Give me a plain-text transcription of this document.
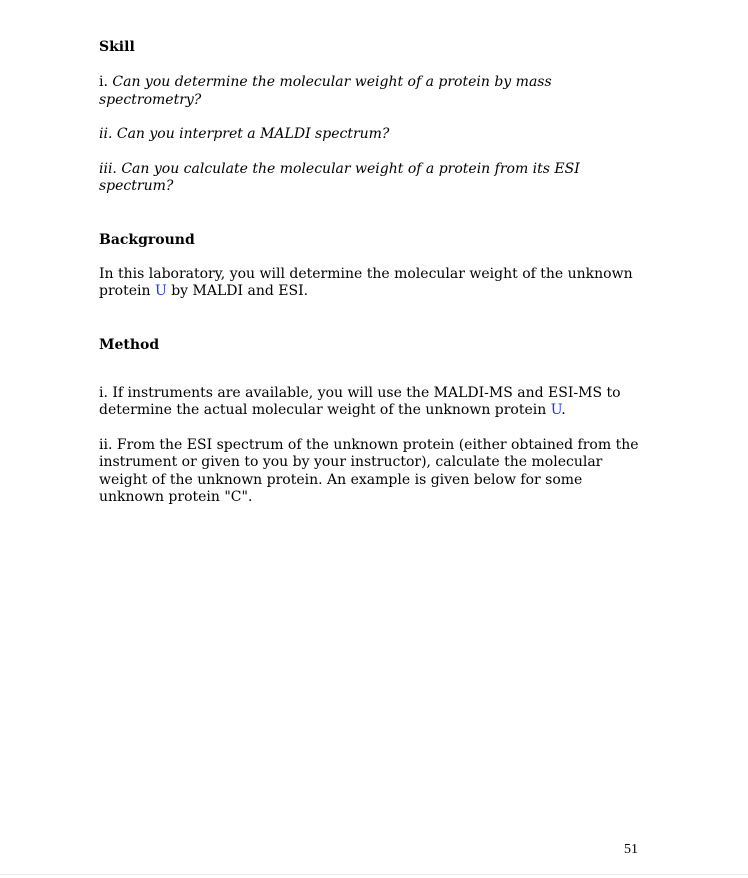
Skill

i. Can you determine the molecular weight of a protein by mass spectrometry?

ii. Can you interpret a MALDI spectrum?

iii. Can you calculate the molecular weight of a protein from its ESI spectrum?

Background

In this laboratory, you will determine the molecular weight of the unknown protein U by MALDI and ESI.

Method

i. If instruments are available, you will use the MALDI-MS and ESI-MS to determine the actual molecular weight of the unknown protein U.

ii. From the ESI spectrum of the unknown protein (either obtained from the instrument or given to you by your instructor), calculate the molecular weight of the unknown protein. An example is given below for some unknown protein "C".

51
